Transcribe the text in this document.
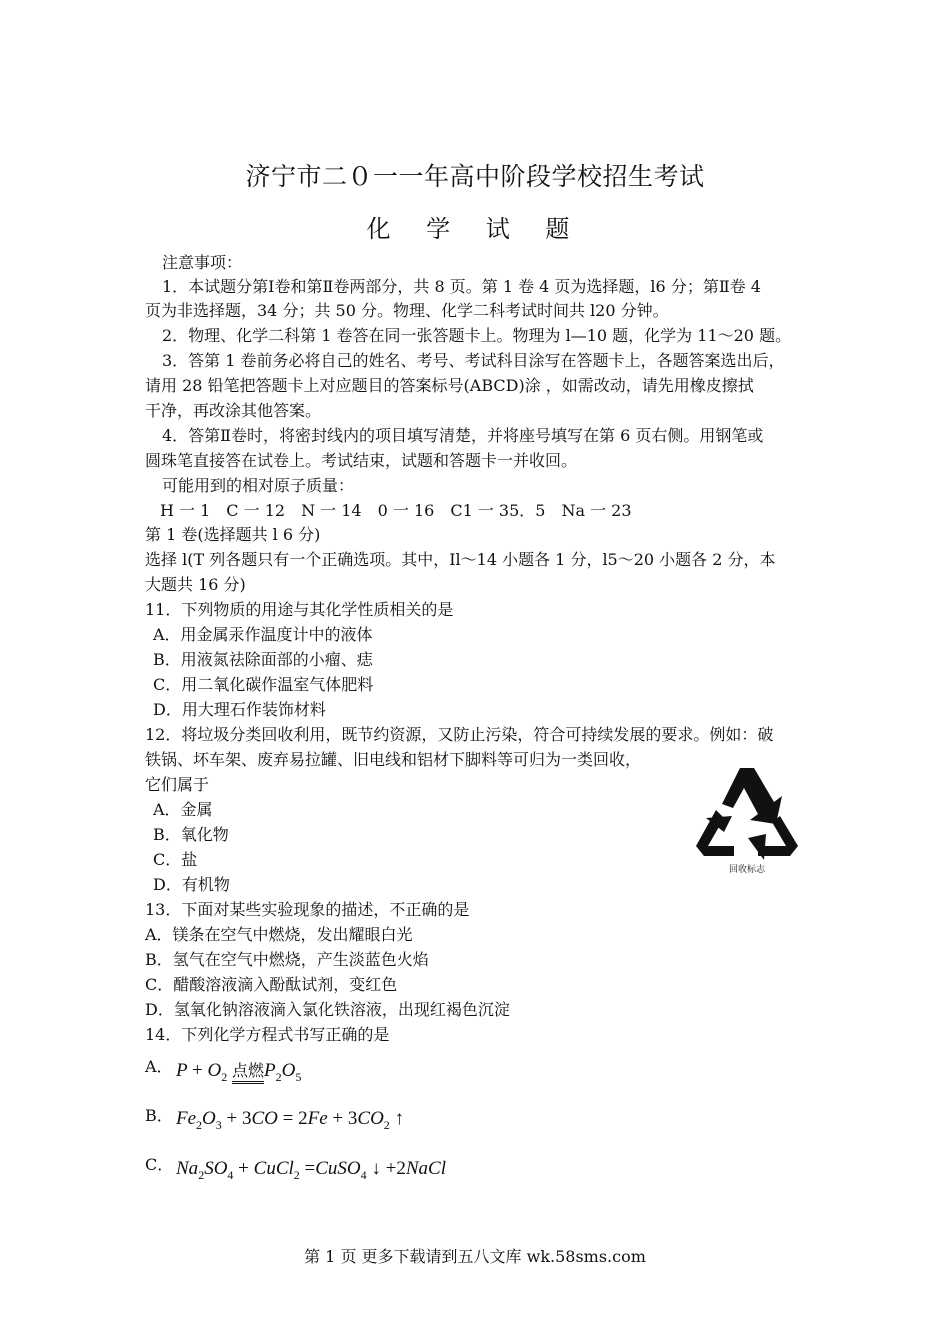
济宁市二０一一年高中阶段学校招生考试
化 学 试 题
注意事项：
1．本试题分第Ⅰ卷和第Ⅱ卷两部分，共 8 页。第 1 卷 4 页为选择题，l6 分；第Ⅱ卷 4
页为非选择题，34 分；共 50 分。物理、化学二科考试时间共 l20 分钟。
2．物理、化学二科第 1 卷答在同一张答题卡上。物理为 l—10 题，化学为 11～20 题。
3．答第 1 卷前务必将自己的姓名、考号、考试科目涂写在答题卡上，各题答案选出后，
请用 28 铅笔把答题卡上对应题目的答案标号(ABCD)涂 ，如需改动，请先用橡皮擦拭
干净，再改涂其他答案。
4．答第Ⅱ卷时，将密封线内的项目填写清楚，并将座号填写在第 6 页右侧。用钢笔或
圆珠笔直接答在试卷上。考试结束，试题和答题卡一并收回。
可能用到的相对原子质量：
H 一 1　C 一 12　N 一 14　0 一 16　C1 一 35．5　Na 一 23
第 1 卷(选择题共 l 6 分)
选择 l(T 列各题只有一个正确选项。其中，Il～14 小题各 1 分，l5～20 小题各 2 分，本
大题共 16 分)
11．下列物质的用途与其化学性质相关的是
A．用金属汞作温度计中的液体
B．用液氮祛除面部的小瘤、痣
C．用二氧化碳作温室气体肥料
D．用大理石作装饰材料
12．将垃圾分类回收利用，既节约资源，又防止污染，符合可持续发展的要求。例如：破
铁锅、坏车架、废弃易拉罐、旧电线和铝材下脚料等可归为一类回收，
它们属于
A．金属
B．氧化物
C．盐
D．有机物
回收标志
13．下面对某些实验现象的描述，不正确的是
A．镁条在空气中燃烧，发出耀眼白光
B．氢气在空气中燃烧，产生淡蓝色火焰
C．醋酸溶液滴入酚酞试剂，变红色
D．氢氧化钠溶液滴入氯化铁溶液，出现红褐色沉淀
14．下列化学方程式书写正确的是
A． $P + O_2$ 点燃$P_2O_5$
B． $Fe_2O_3 + 3CO = 2Fe + 3CO_2$ ↑
C． $Na_2SO_4$ + CuCl$_2$ =CuSO$_4$ ↓ +2NaCl
第 1 页 更多下载请到五八文库 wk.58sms.com
